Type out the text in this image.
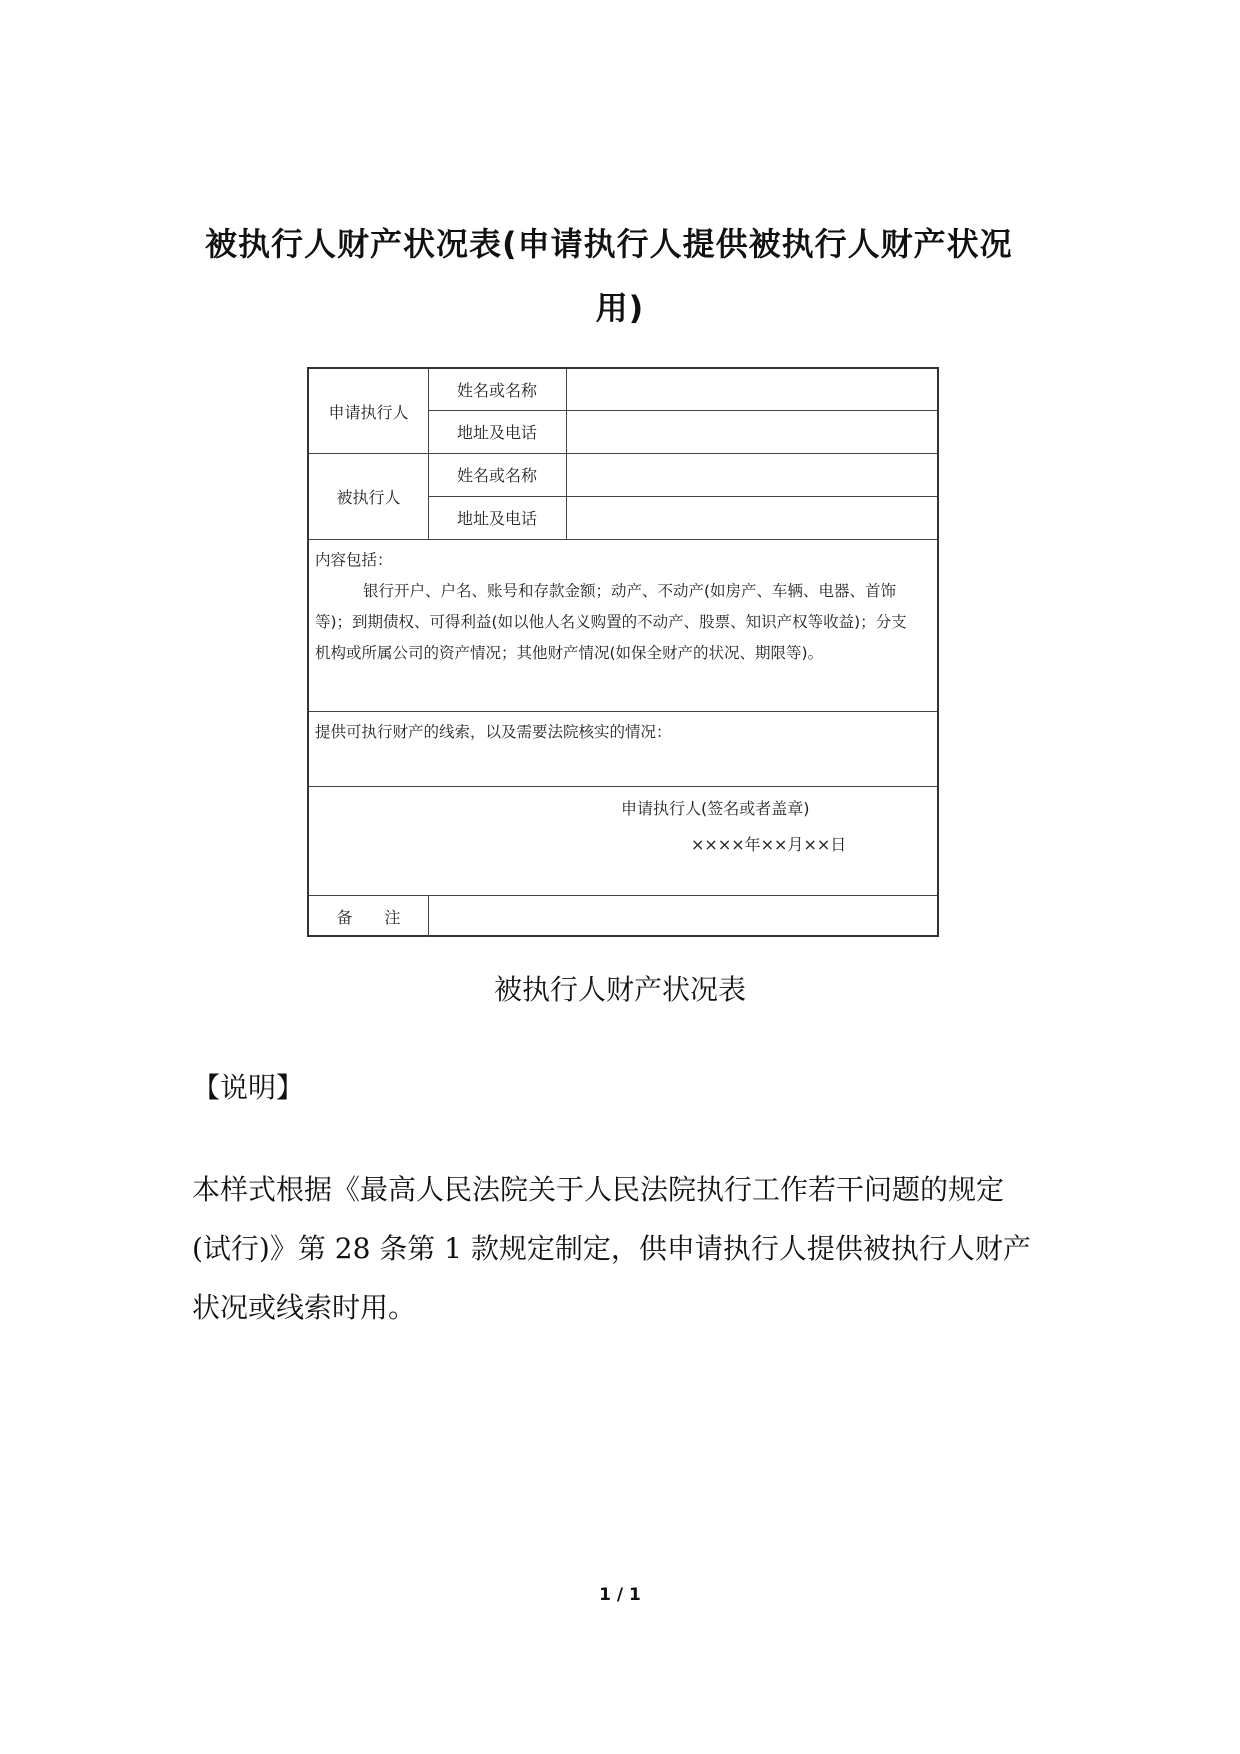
被执行人财产状况表(申请执行人提供被执行人财产状况
用)
申请执行人
姓名或名称
地址及电话
被执行人
姓名或名称
地址及电话
内容包括：
银行开户、户名、账号和存款金额；动产、不动产(如房产、车辆、电器、首饰
等)；到期债权、可得利益(如以他人名义购置的不动产、股票、知识产权等收益)；分支
机构或所属公司的资产情况；其他财产情况(如保全财产的状况、期限等)。
提供可执行财产的线索，以及需要法院核实的情况：
申请执行人(签名或者盖章)
××××年××月××日
备　　注
被执行人财产状况表
【说明】
本样式根据《最高人民法院关于人民法院执行工作若干问题的规定
(试行)》第 28 条第 1 款规定制定，供申请执行人提供被执行人财产
状况或线索时用。
1 / 1
